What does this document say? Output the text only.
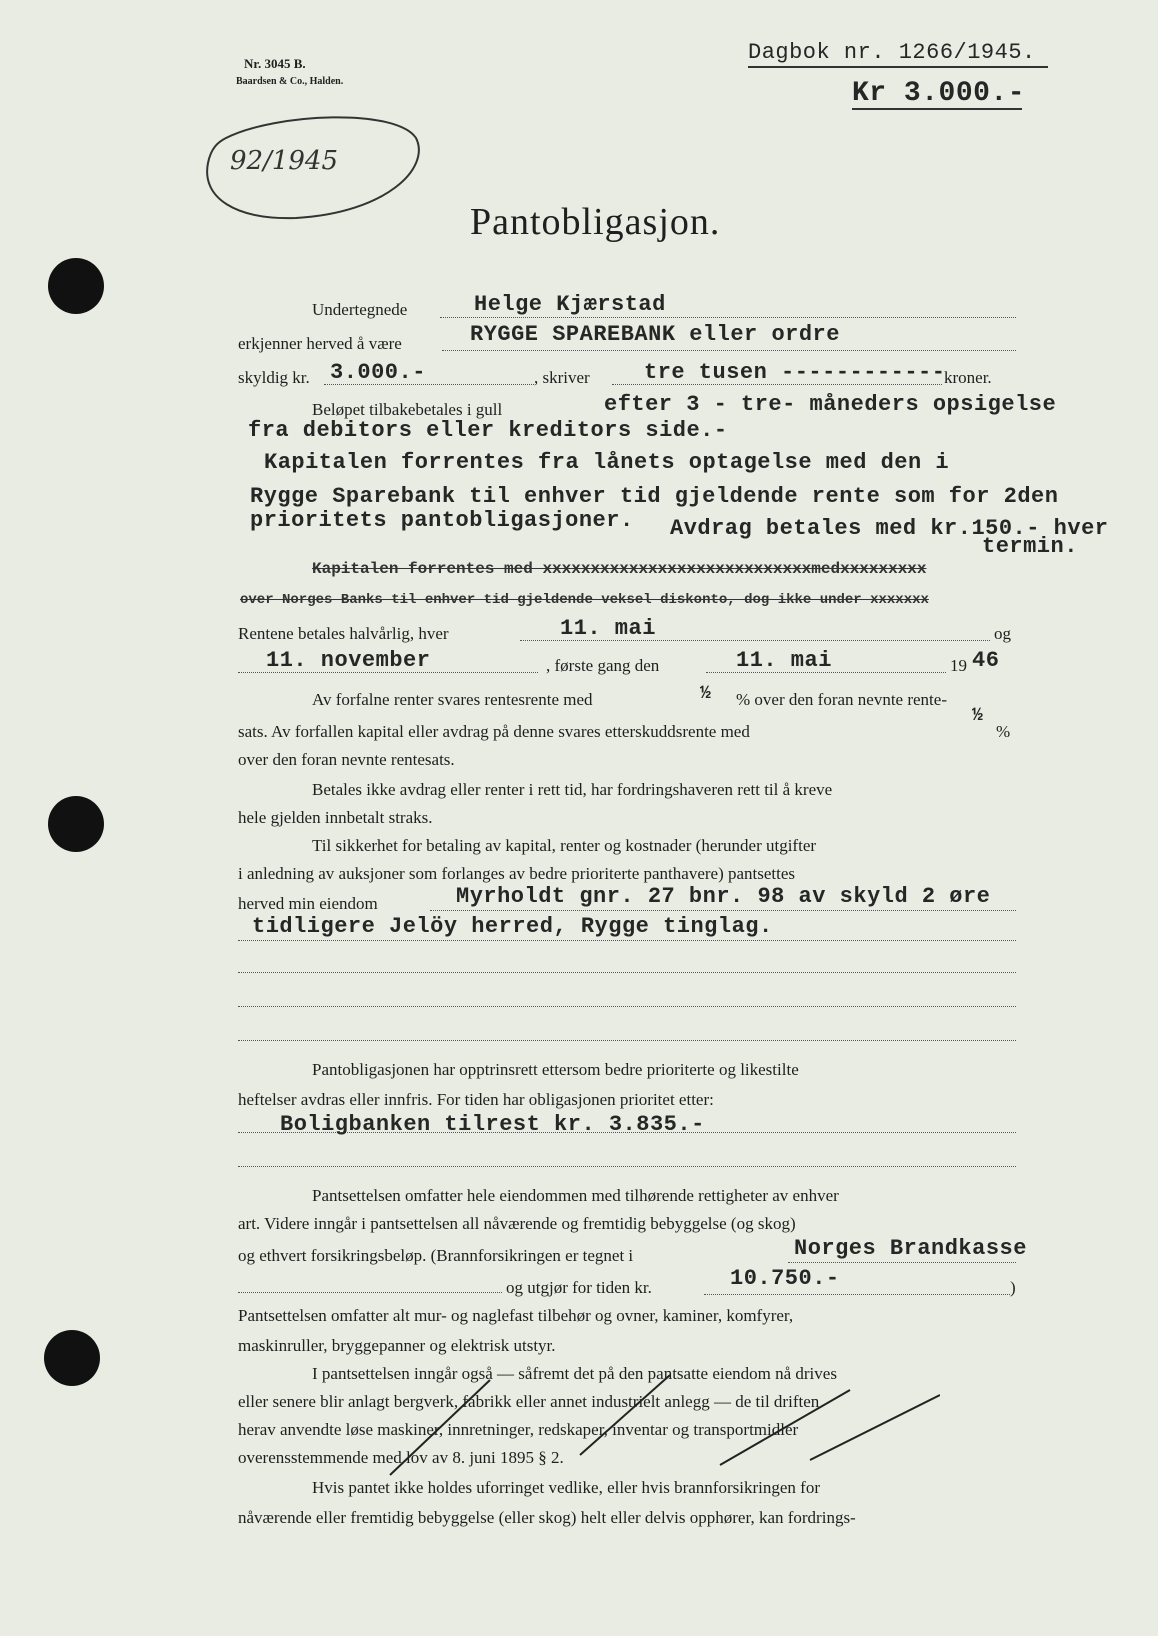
Nr. 3045 B.
Baardsen & Co., Halden.
Dagbok nr. 1266/1945.
Kr 3.000.-
92/1945
Pantobligasjon.
Undertegnede	Helge Kjærstad
erkjenner herved å være	RYGGE SPAREBANK eller ordre
skyldig kr. 3.000.-	, skriver tre tusen ------------
kroner.
Beløpet tilbakebetales i gull	efter 3 - tre- måneders opsigelse
fra debitors eller kreditors side.-
Kapitalen forrentes fra lånets optagelse med den i
Rygge Sparebank til enhver tid gjeldende rente som for 2den
prioritets pantobligasjoner. Avdrag betales med kr.150.- hver
termin.
Kapitalen forrentes med xxxxxxxxxxxxxxxxxxxxxxxxxxxxmedxxxxxxxxx
over Norges Banks til enhver tid gjeldende veksel diskonto, dog ikke under xxxxxxx
Rentene betales halvårlig, hver	11. mai	og
11. november	, første gang den	11. mai	19 46
Av forfalne renter svares rentesrente med	½ % over den foran nevnte rente-
sats. Av forfallen kapital eller avdrag på denne svares etterskuddsrente med
½
%
over den foran nevnte rentesats.
Betales ikke avdrag eller renter i rett tid, har fordringshaveren rett til å kreve
hele gjelden innbetalt straks.
Til sikkerhet for betaling av kapital, renter og kostnader (herunder utgifter
i anledning av auksjoner som forlanges av bedre prioriterte panthavere) pantsettes
herved min eiendom	Myrholdt gnr. 27 bnr. 98 av skyld 2 øre
tidligere Jelöy herred, Rygge tinglag.
Pantobligasjonen har opptrinsrett ettersom bedre prioriterte og likestilte
heftelser avdras eller innfris. For tiden har obligasjonen prioritet etter:
Boligbanken tilrest kr. 3.835.-
Pantsettelsen omfatter hele eiendommen med tilhørende rettigheter av enhver
art. Videre inngår i pantsettelsen all nåværende og fremtidig bebyggelse (og skog)
og ethvert forsikringsbeløp. (Brannforsikringen er tegnet i	Norges Brandkasse
og utgjør for tiden kr.	10.750.-	)
Pantsettelsen omfatter alt mur- og naglefast tilbehør og ovner, kaminer, komfyrer,
maskinruller, bryggepanner og elektrisk utstyr.
I pantsettelsen inngår også — såfremt det på den pantsatte eiendom nå drives
eller senere blir anlagt bergverk, fabrikk eller annet industrielt anlegg — de til driften
herav anvendte løse maskiner, innretninger, redskaper, inventar og transportmidler
overensstemmende med lov av 8. juni 1895 § 2.
Hvis pantet ikke holdes uforringet vedlike, eller hvis brannforsikringen for
nåværende eller fremtidig bebyggelse (eller skog) helt eller delvis opphører, kan fordrings-
